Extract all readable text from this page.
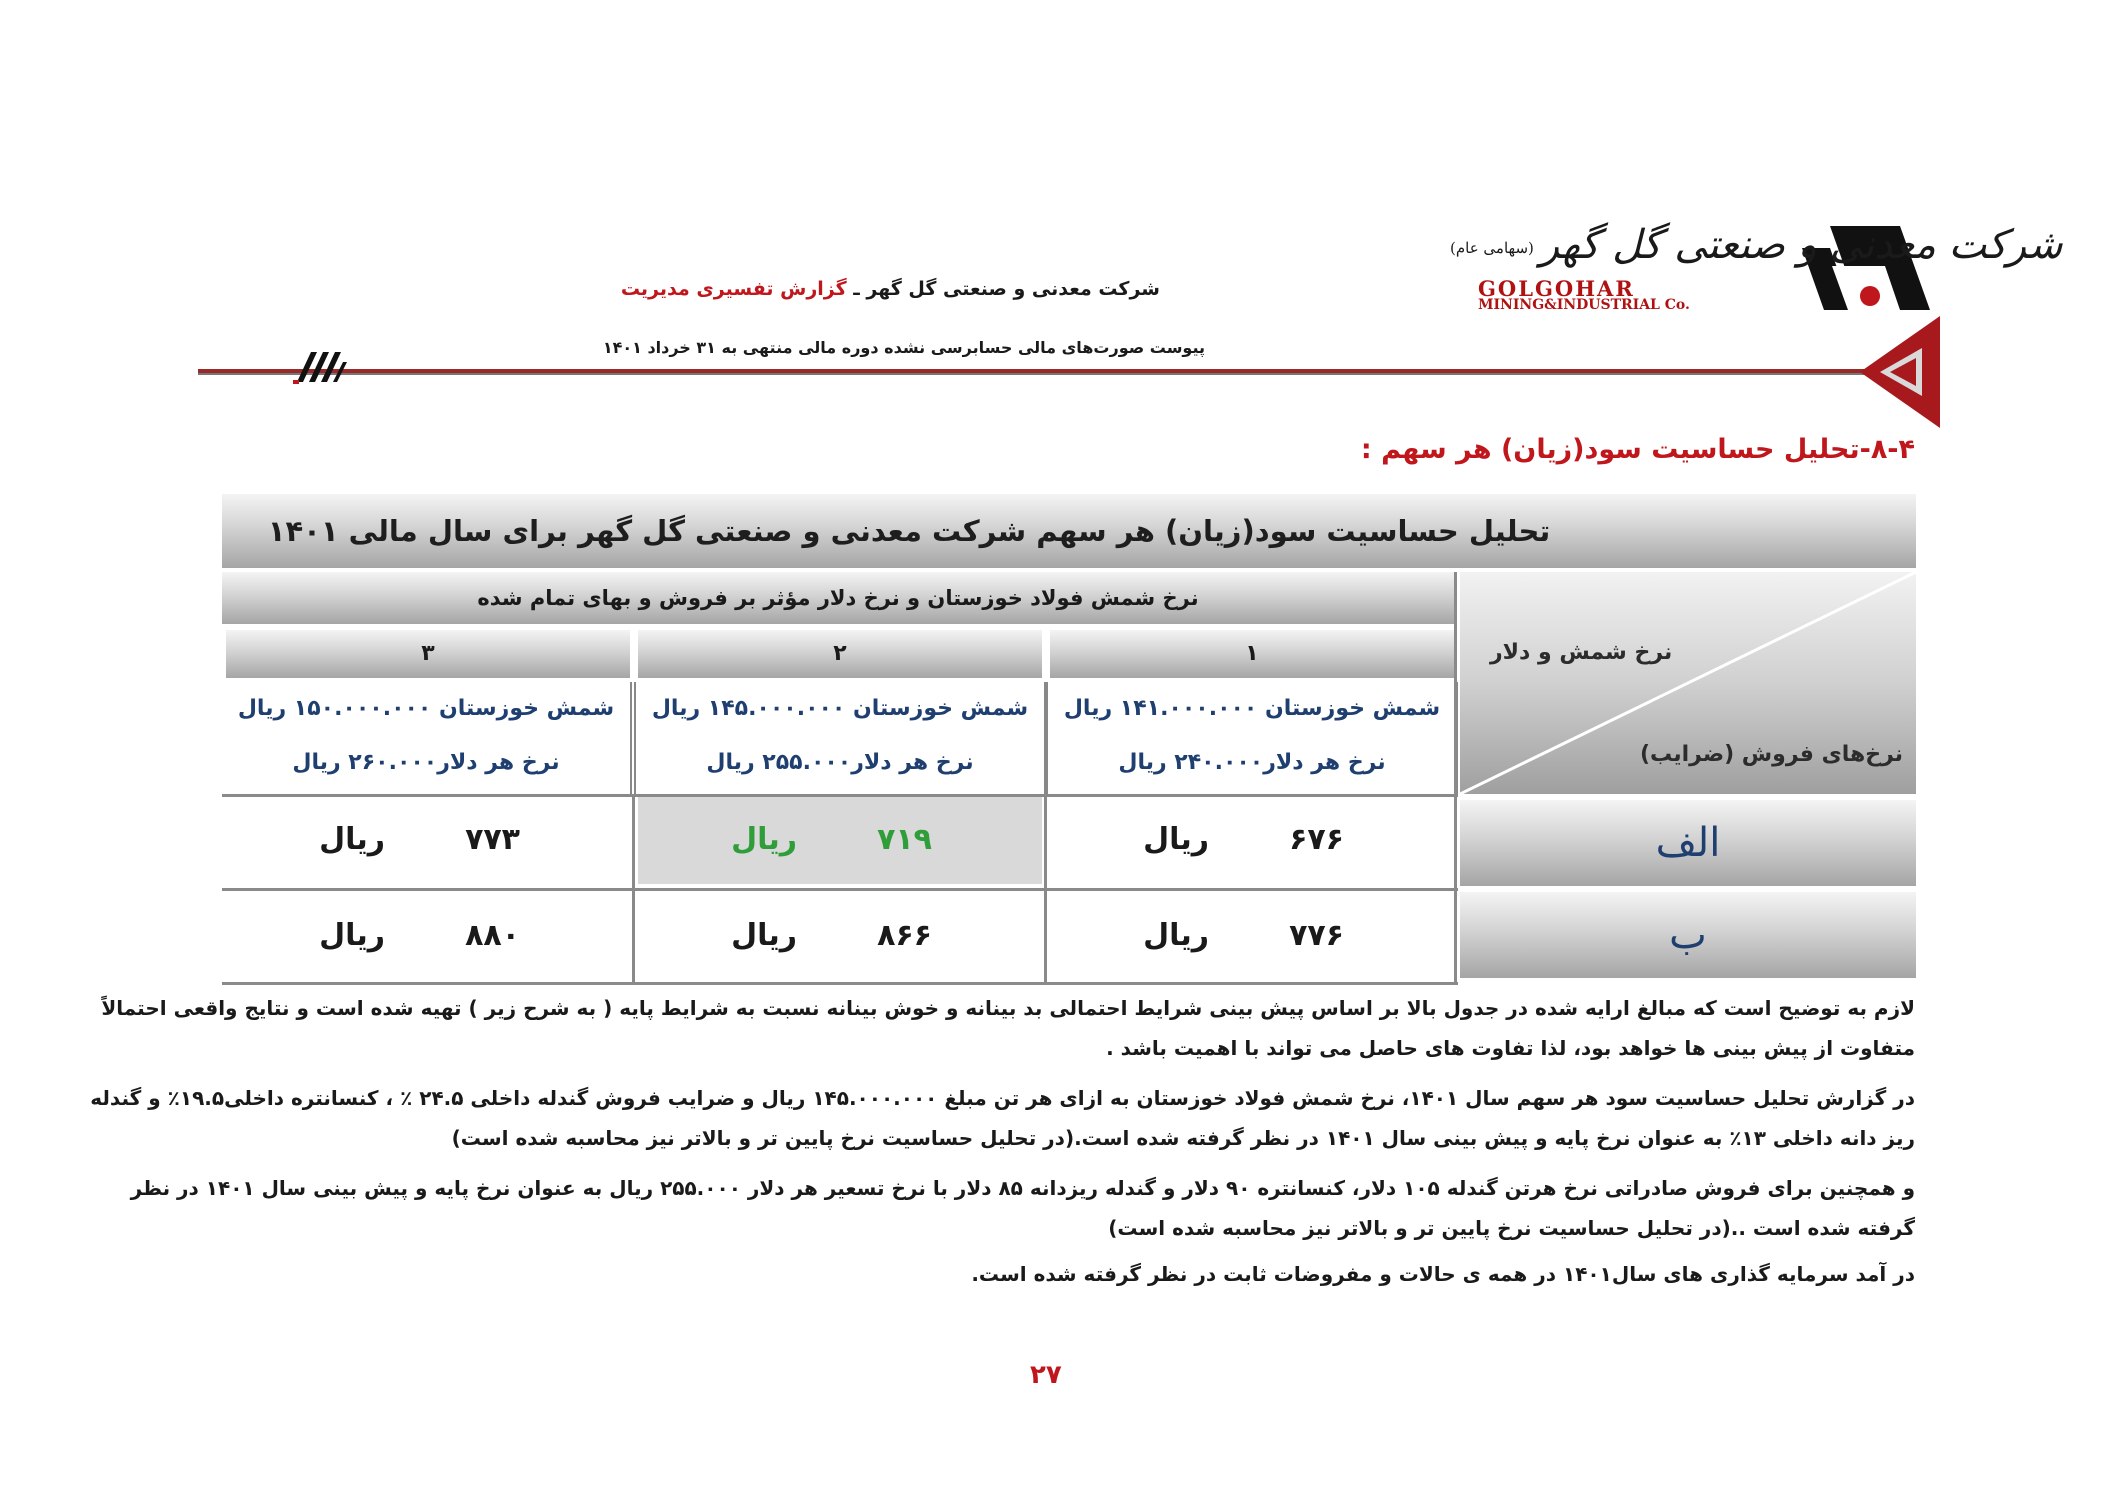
شرکت معدنی و صنعتی گل گهر(سهامی عام)
GOLGOHAR
MINING&INDUSTRIAL Co.
شرکت معدنی و صنعتی گل گهر ـ گزارش تفسیری مدیریت
پیوست صورت‌های مالی حسابرسی نشده دوره مالی منتهی به ۳۱ خرداد ۱۴۰۱
۸-۴-تحلیل حساسیت سود(زیان) هر سهم :
تحلیل حساسیت سود(زیان) هر سهم شرکت معدنی و صنعتی گل گهر برای سال مالی ۱۴۰۱
نرخ شمش فولاد خوزستان و نرخ دلار مؤثر بر فروش و بهای تمام شده
۱
۲
۳
شمش خوزستان ۱۴۱.۰۰۰.۰۰۰ ریال
نرخ هر دلار۲۴۰.۰۰۰ ریال
شمش خوزستان ۱۴۵.۰۰۰.۰۰۰ ریال
نرخ هر دلار۲۵۵.۰۰۰ ریال
شمش خوزستان ۱۵۰.۰۰۰.۰۰۰ ریال
نرخ هر دلار۲۶۰.۰۰۰ ریال
نرخ شمش و دلار
نرخ‌های فروش (ضرایب)
الف
ب
۶۷۶
ریال
۷۱۹
ریال
۷۷۳
ریال
۷۷۶
ریال
۸۶۶
ریال
۸۸۰
ریال
لازم به توضیح است که مبالغ ارایه شده در جدول بالا بر اساس پیش بینی شرایط احتمالی بد بینانه و خوش بینانه نسبت به شرایط پایه ( به شرح زیر ) تهیه شده است و نتایج واقعی احتمالاً
متفاوت از پیش بینی ها خواهد بود، لذا تفاوت های حاصل می تواند با اهمیت باشد .
در گزارش تحلیل حساسیت سود هر سهم سال ۱۴۰۱، نرخ شمش فولاد خوزستان به ازای هر تن مبلغ ۱۴۵.۰۰۰.۰۰۰ ریال و ضرایب فروش گندله داخلی ۲۴.۵ ٪ ، کنسانتره داخلی۱۹.۵٪ و گندله
ریز دانه داخلی ۱۳٪ به عنوان نرخ پایه و پیش بینی سال ۱۴۰۱ در نظر گرفته شده است.(در تحلیل حساسیت نرخ پایین تر و بالاتر نیز محاسبه شده است)
و همچنین برای فروش صادراتی نرخ هرتن گندله ۱۰۵ دلار، کنسانتره ۹۰ دلار و گندله ریزدانه ۸۵ دلار با نرخ تسعیر هر دلار ۲۵۵.۰۰۰ ریال به عنوان نرخ پایه و پیش بینی سال ۱۴۰۱ در نظر
گرفته شده است ..(در تحلیل حساسیت نرخ پایین تر و بالاتر نیز محاسبه شده است)
در آمد سرمایه گذاری های سال۱۴۰۱ در همه ی حالات و مفروضات ثابت در نظر گرفته شده است.
۲۷
